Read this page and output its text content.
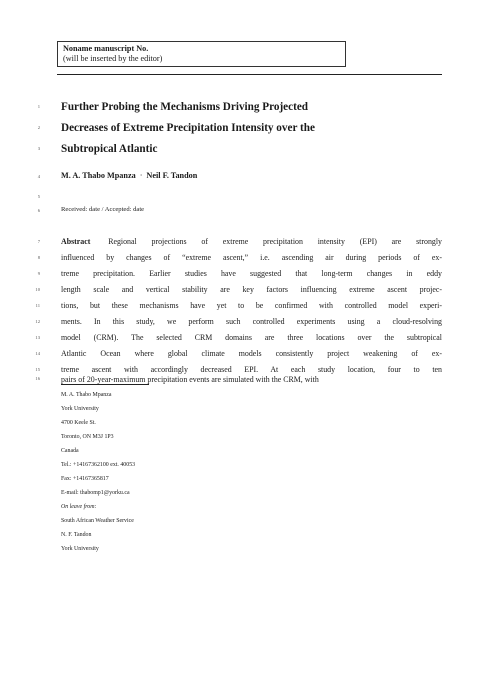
Noname manuscript No.
(will be inserted by the editor)
1
2
3
4
5
6
7
8
9
10
11
12
13
14
15
16
Further Probing the Mechanisms Driving Projected
Decreases of Extreme Precipitation Intensity over the
Subtropical Atlantic
M. A. Thabo Mpanza · Neil F. Tandon
Received: date / Accepted: date
Abstract Regional projections of extreme precipitation intensity (EPI) are strongly
influenced by changes of “extreme ascent,” i.e. ascending air during periods of ex-
treme precipitation. Earlier studies have suggested that long-term changes in eddy
length scale and vertical stability are key factors influencing extreme ascent projec-
tions, but these mechanisms have yet to be confirmed with controlled model experi-
ments. In this study, we perform such controlled experiments using a cloud-resolving
model (CRM). The selected CRM domains are three locations over the subtropical
Atlantic Ocean where global climate models consistently project weakening of ex-
treme ascent with accordingly decreased EPI. At each study location, four to ten
pairs of 20-year-maximum precipitation events are simulated with the CRM, with
M. A. Thabo Mpanza
York University
4700 Keele St.
Toronto, ON M3J 1P3
Canada
Tel.: +14167362100 ext. 40053
Fax: +14167365817
E-mail: thabomp1@yorku.ca
On leave from:
South African Weather Service
N. F. Tandon
York University
